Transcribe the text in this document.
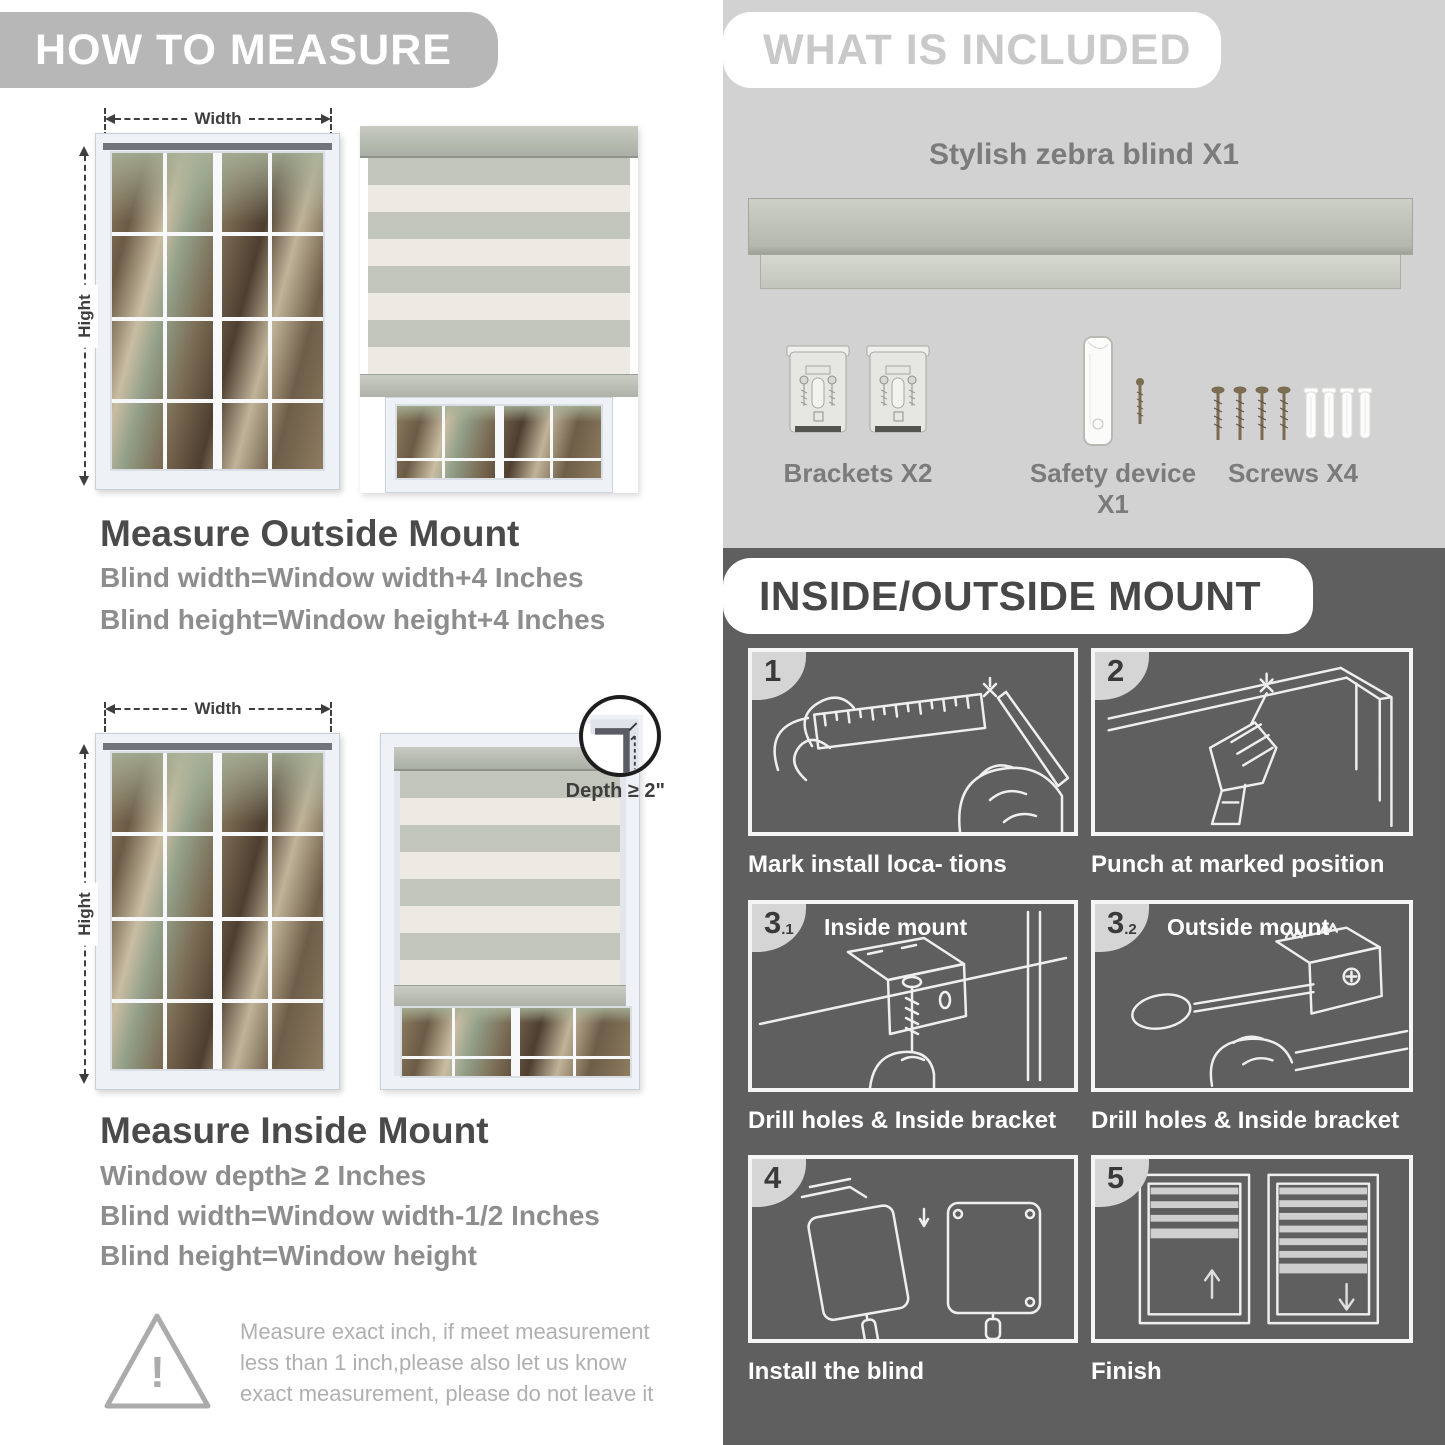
HOW TO MEASURE
Width
Hight
Measure Outside Mount
Blind width=Window width+4 Inches
Blind height=Window height+4 Inches
Width
Hight
Depth ≥ 2"
Measure Inside Mount
Window depth≥ 2 Inches
Blind width=Window width-1/2 Inches
Blind height=Window height
!
Measure exact inch, if meet measurement less than 1 inch,please also let us know exact measurement, please do not leave it
WHAT IS INCLUDED
Stylish zebra blind X1

Brackets X2	Safety device X1
Screws X4
INSIDE/OUTSIDE MOUNT
1
Mark install loca- tions
2
Punch at marked position
3 .1 Inside mount
Drill holes & Inside bracket
3 .2 Outside mount
Drill holes & Inside bracket
4
Install the blind
5
Finish
